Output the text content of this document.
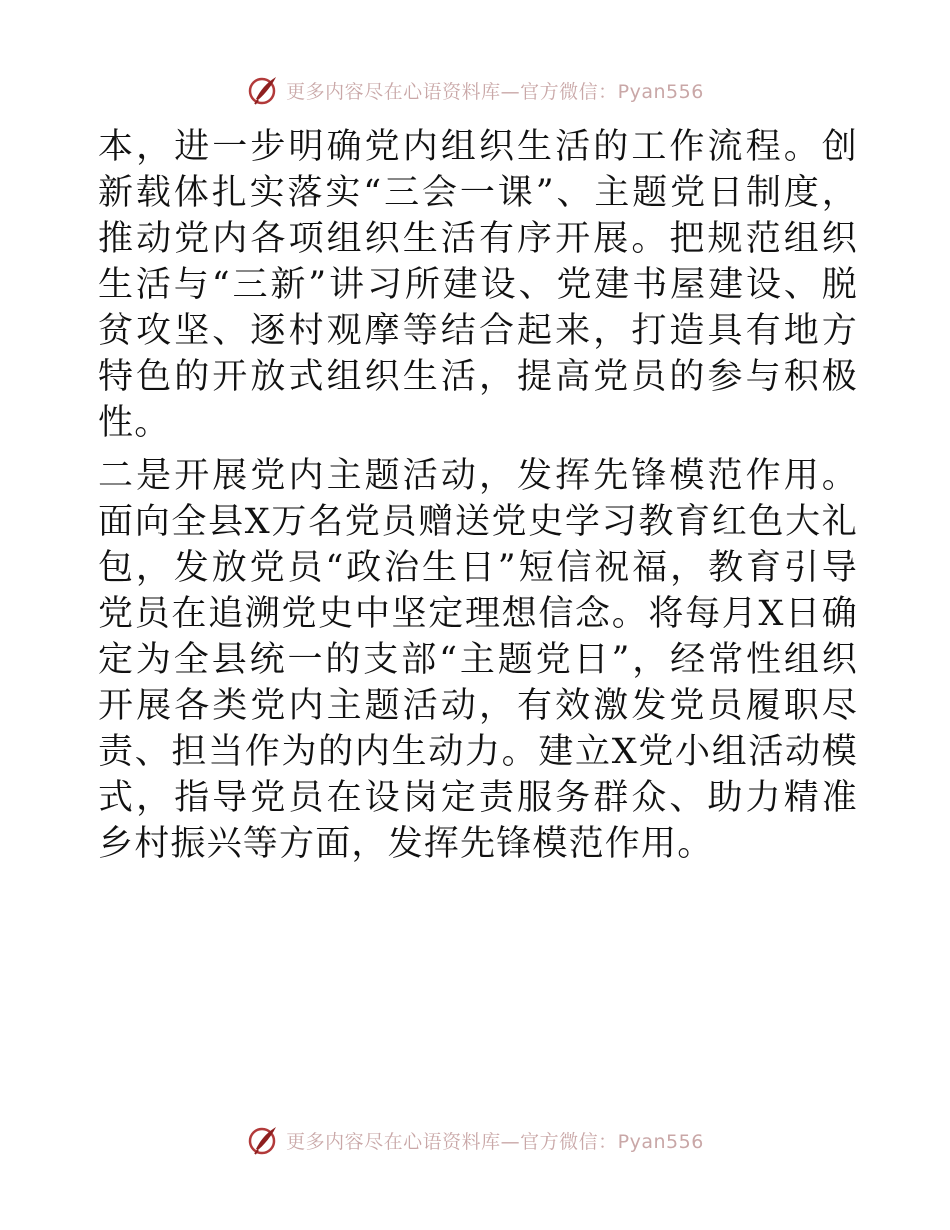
更多内容尽在心语资料库—官方微信：Pyan556

本，进一步明确党内组织生活的工作流程。创新载体扎实落实“三会一课”、主题党日制度，推动党内各项组织生活有序开展。把规范组织生活与“三新”讲习所建设、党建书屋建设、脱贫攻坚、逐村观摩等结合起来，打造具有地方特色的开放式组织生活，提高党员的参与积极性。

二是开展党内主题活动，发挥先锋模范作用。面向全县X万名党员赠送党史学习教育红色大礼包，发放党员“政治生日”短信祝福，教育引导党员在追溯党史中坚定理想信念。将每月X日确定为全县统一的支部“主题党日”，经常性组织开展各类党内主题活动，有效激发党员履职尽责、担当作为的内生动力。建立X党小组活动模式，指导党员在设岗定责服务群众、助力精准乡村振兴等方面，发挥先锋模范作用。

更多内容尽在心语资料库—官方微信：Pyan556
